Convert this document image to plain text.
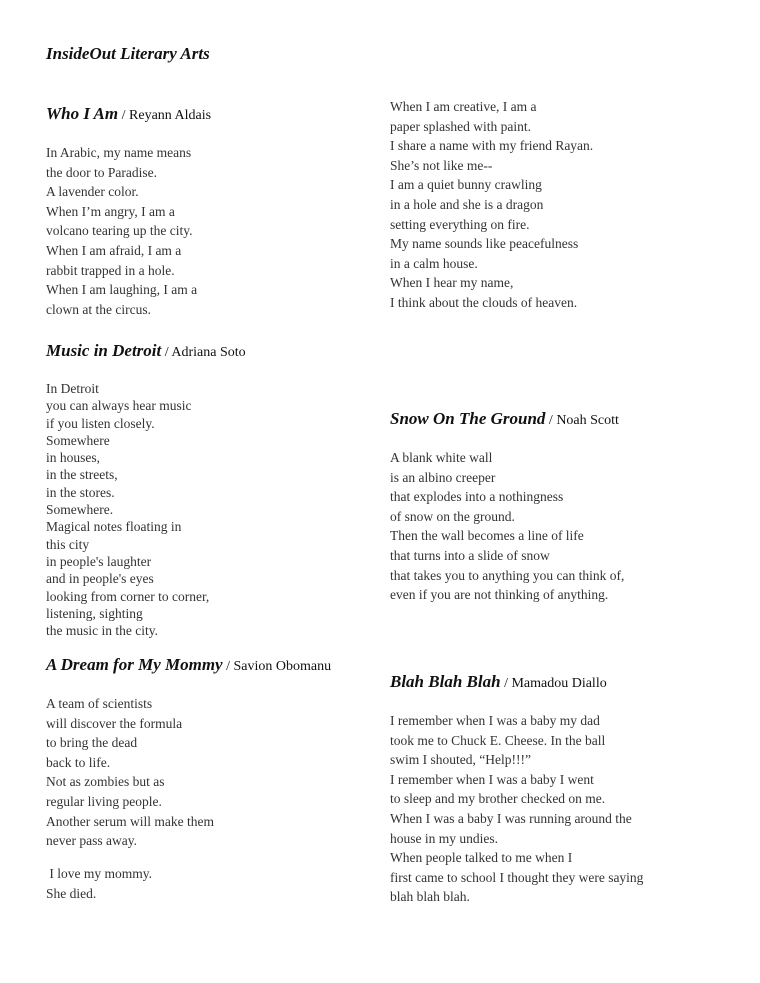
InsideOut Literary Arts
Who I Am / Reyann Aldais
In Arabic, my name means
the door to Paradise.
A lavender color.
When I’m angry, I am a
volcano tearing up the city.
When I am afraid, I am a
rabbit trapped in a hole.
When I am laughing, I am a
clown at the circus.
When I am creative, I am a
paper splashed with paint.
I share a name with my friend Rayan.
She’s not like me--
I am a quiet bunny crawling
in a hole and she is a dragon
setting everything on fire.
My name sounds like peacefulness
in a calm house.
When I hear my name,
I think about the clouds of heaven.
Music in Detroit / Adriana Soto
In Detroit
you can always hear music
if you listen closely.
Somewhere
in houses,
in the streets,
in the stores.
Somewhere.
Magical notes floating in
this city
in people's laughter
and in people's eyes
looking from corner to corner,
listening, sighting
the music in the city.
A Dream for My Mommy / Savion Obomanu
A team of scientists
will discover the formula
to bring the dead
back to life.
Not as zombies but as
regular living people.
Another serum will make them
never pass away.
I love my mommy.
She died.
Snow On The Ground / Noah Scott
A blank white wall
is an albino creeper
that explodes into a nothingness
of snow on the ground.
Then the wall becomes a line of life
that turns into a slide of snow
that takes you to anything you can think of,
even if you are not thinking of anything.
Blah Blah Blah / Mamadou Diallo
I remember when I was a baby my dad
took me to Chuck E. Cheese. In the ball
swim I shouted, “Help!!!”
I remember when I was a baby I went
to sleep and my brother checked on me.
When I was a baby I was running around the
house in my undies.
When people talked to me when I
first came to school I thought they were saying
blah blah blah.
